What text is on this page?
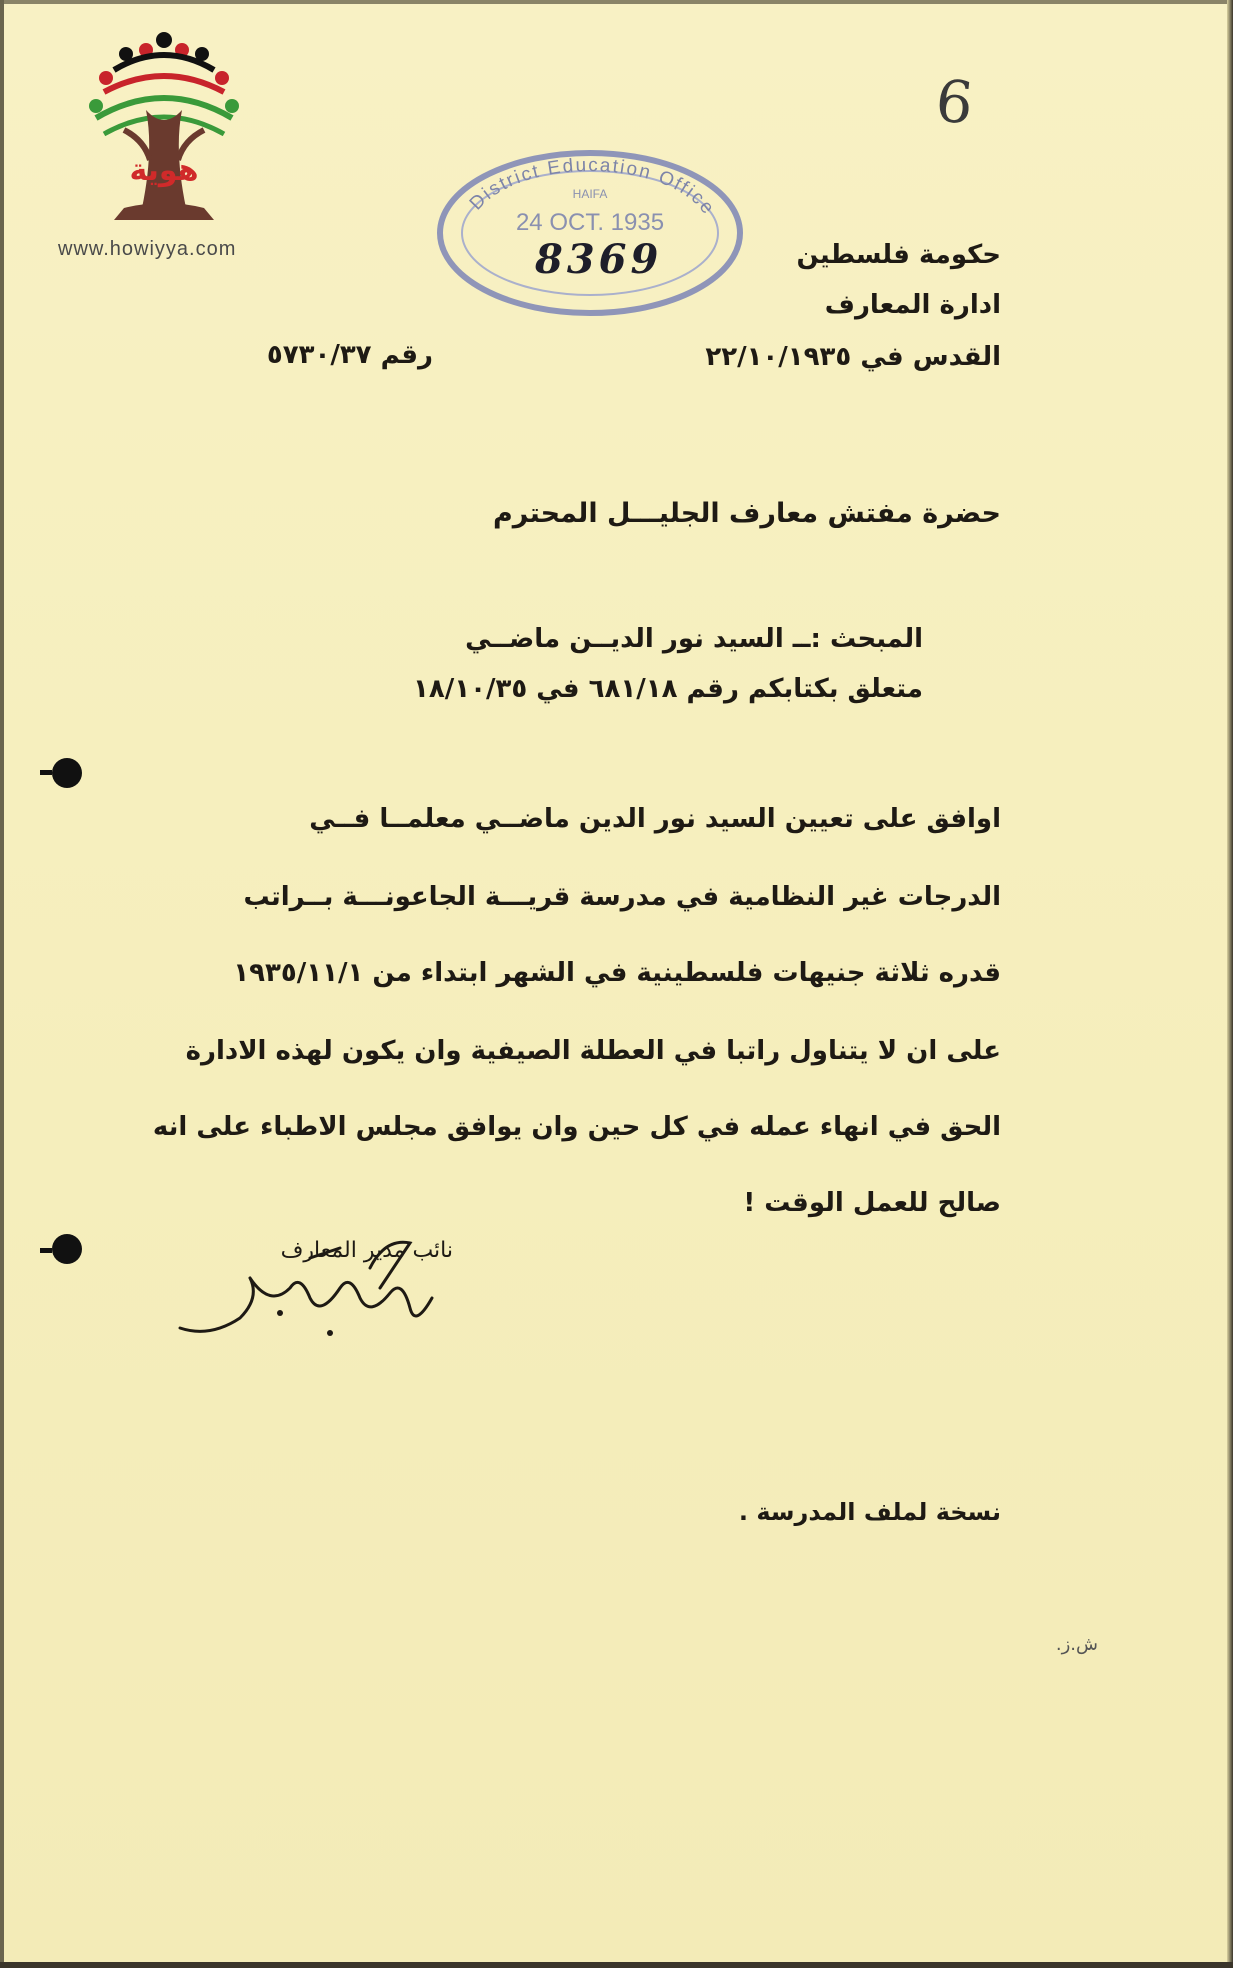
هوية
www.howiyya.com
6
District Education Office
HAIFA
24 OCT. 1935
8369	حكومة فلسطين
ادارة المعارف
القدس في ٢٢/١٠/١٩٣٥
رقم ٥٧٣٠/٣٧
حضرة مفتش معارف الجليـــل المحترم
المبحث :ــ السيد نور الديــن ماضــي
متعلق بكتابكم رقم ٦٨١/١٨ في ١٨/١٠/٣٥
اوافق على تعيين السيد نور الدين ماضــي معلمــا فــي
الدرجات غير النظامية في مدرسة قريـــة الجاعونـــة بــراتب
قدره ثلاثة جنيهات فلسطينية في الشهر ابتداء من ١٩٣٥/١١/١
على ان لا يتناول راتبا في العطلة الصيفية وان يكون لهذه الادارة
الحق في انهاء عمله في كل حين وان يوافق مجلس الاطباء على انه
صالح للعمل الوقت !
نائب مدير المعارف
نسخة لملف المدرسة .
ش.ز.
